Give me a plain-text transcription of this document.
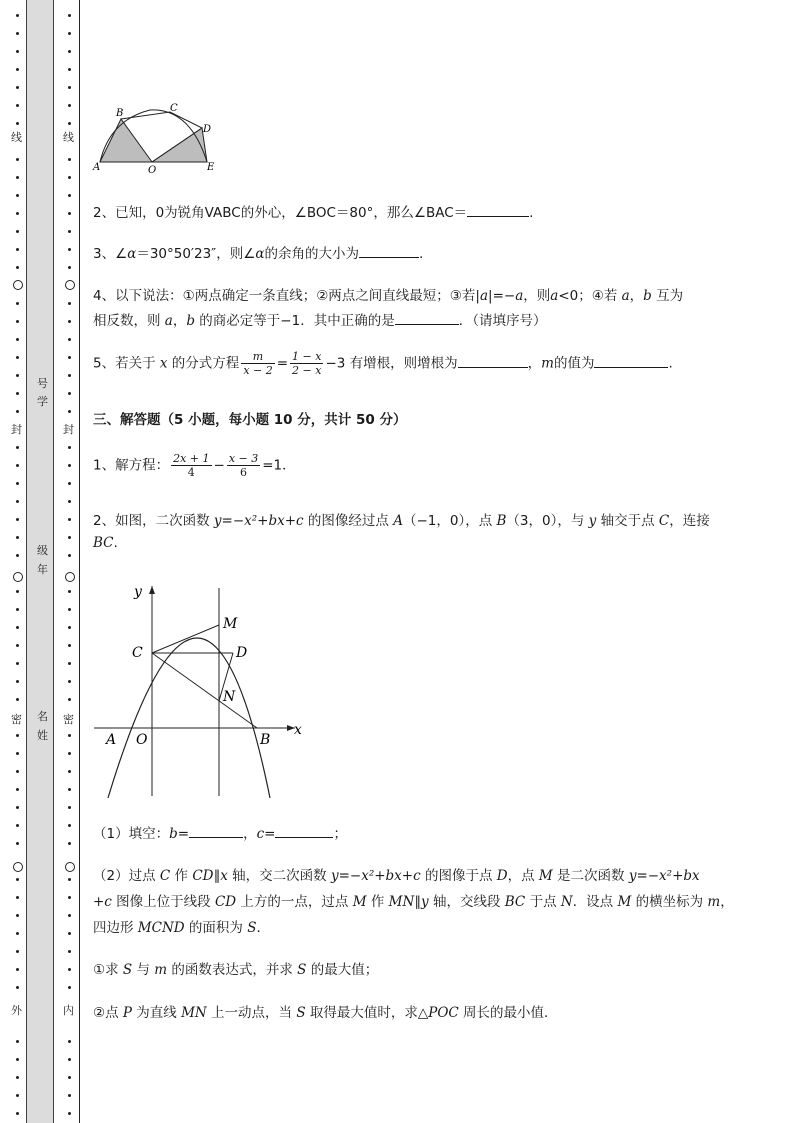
线
封
密
外
线
封
密
内
号
学
级
年
名
姓
B	C
D
A	O	E
2、已知，0为锐角VABC的外心，∠BOC＝80°，那么∠BAC＝	.
3、∠α＝30°50′23″，则∠α的余角的大小为	.
4、以下说法：①两点确定一条直线；②两点之间直线最短；③若|a|=−a，则a<0；④若 a，b 互为
相反数，则 a，b 的商必定等于−1．其中正确的是	．（请填序号）
5、若关于 x 的分式方程 $\frac{m}{x - 2} = \frac{1 - x}{2 - x} -3$ 有增根，则增根为	，m的值为	.
三、解答题（5 小题，每小题 10 分，共计 50 分）
1、解方程： $\frac{2x + 1}{4} - \frac{x - 3}{6} =1$．
2、如图，二次函数 y=−x²+bx+c 的图像经过点 A（−1，0），点 B（3，0），与 y 轴交于点 C，连接
BC.
y
M
C	D
N
A O	B
x
（1）填空：b=	，c=	；
（2）过点 C 作 CD∥x 轴，交二次函数 y=−x²+bx+c 的图像于点 D，点 M 是二次函数 y=−x²+bx
+c 图像上位于线段 CD 上方的一点，过点 M 作 MN∥y 轴，交线段 BC 于点 N．设点 M 的横坐标为 m，
四边形 MCND 的面积为 S．
①求 S 与 m 的函数表达式，并求 S 的最大值；
②点 P 为直线 MN 上一动点，当 S 取得最大值时，求△POC 周长的最小值．
